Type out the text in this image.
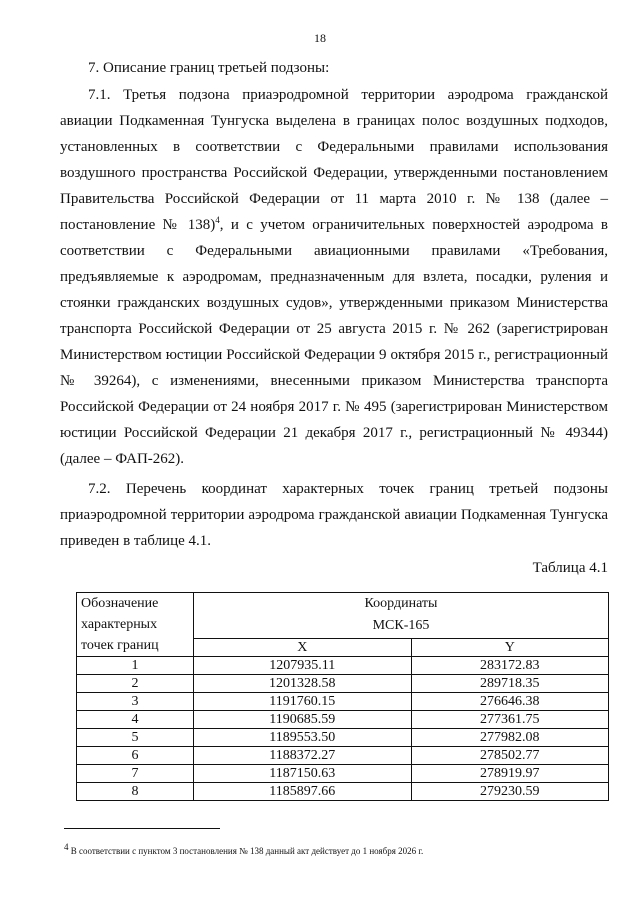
18
7. Описание границ третьей подзоны:
7.1. Третья подзона приаэродромной территории аэродрома гражданской авиации Подкаменная Тунгуска выделена в границах полос воздушных подходов, установленных в соответствии с Федеральными правилами использования воздушного пространства Российской Федерации, утвержденными постановлением Правительства Российской Федерации от 11 марта 2010 г. № 138 (далее – постановление № 138)$^4$, и с учетом ограничительных поверхностей аэродрома в соответствии с Федеральными авиационными правилами «Требования, предъявляемые к аэродромам, предназначенным для взлета, посадки, руления и стоянки гражданских воздушных судов», утвержденными приказом Министерства транспорта Российской Федерации от 25 августа 2015 г. № 262 (зарегистрирован Министерством юстиции Российской Федерации 9 октября 2015 г., регистрационный № 39264), с изменениями, внесенными приказом Министерства транспорта Российской Федерации от 24 ноября 2017 г. № 495 (зарегистрирован Министерством юстиции Российской Федерации 21 декабря 2017 г., регистрационный № 49344) (далее – ФАП-262).
7.2. Перечень координат характерных точек границ третьей подзоны приаэродромной территории аэродрома гражданской авиации Подкаменная Тунгуска приведен в таблице 4.1.
Таблица 4.1
Обозначение характерных точек границ	Координаты
МСК-165	
	X	Y
1	1207935.11	283172.83
2	1201328.58	289718.35
3	1191760.15	276646.38
4	1190685.59	277361.75
5	1189553.50	277982.08
6	1188372.27	278502.77
7	1187150.63	278919.97
8	1185897.66	279230.59
$^4$ В соответствии с пунктом 3 постановления № 138 данный акт действует до 1 ноября 2026 г.
